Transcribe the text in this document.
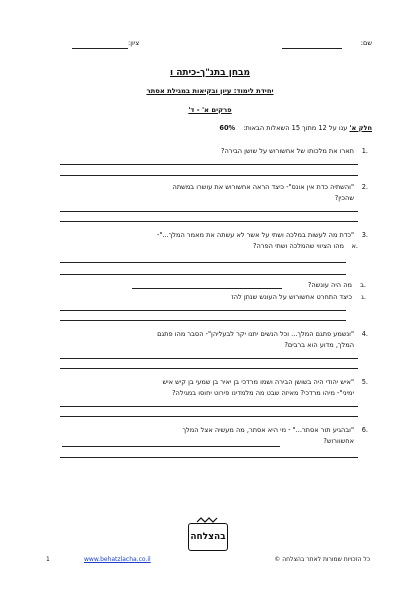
שם:
ציון:
מבחן בתנ"ך-כיתה ו
יחידת לימוד: עיון ובקיאות במגילת אסתר
פרקים א' - ד'
חלק א' ענו על 12 מתוך 15 השאלות הבאות: 60%
1.
תארו את מלכותו של אחשורוש על שושן הבירה?
2.
"והשתיה כדת אין אונס"- כיצד הראה אחשורוש את עושרו במשתה
שהכין?
3.
"כדת מה לעשות במלכה ושתי על אשר לא עשתה את מאמר המלך..."-
א.
מהו הציווי שהמלכה ושתי הפרה?
ב.
מה היה עונשה?
ג.
כיצד התחרט אחשורוש על העונש שנתן להז
4.
"ונשמע פתגם המלך... וכל הנשים יתנו יקר לבעליהן"- הסבר מהו פתגם
המלך, מדוע הוא ברבים?
5.
"איש יהודי היה בשושן הבירה ושמו מרדכי בן יאיר בן שמעי בן קיש איש
ימיני"- מיהו מרדכי? מאיזה שבט מה מלמדינו פירוט יחוסו במגילה?
6.
"ובהגיע תור אסתר..." - מי היא אסתר, מה מעשיה אצל המלך
אחשוורוש?
בהצלחה
כל הזכויות שמורות לאתר בהצלחה ©
www.behatzlacha.co.il
1
